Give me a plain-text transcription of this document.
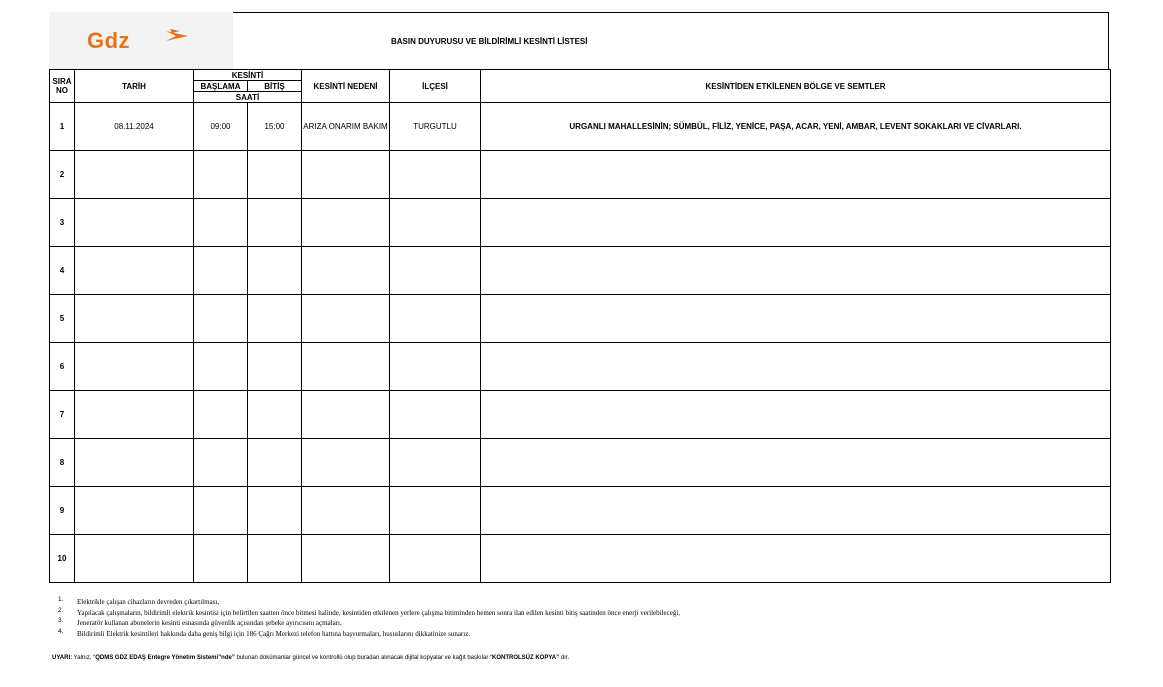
Gdz	BASIN DUYURUSU VE BİLDİRİMLİ KESİNTİ LİSTESİ
SIRA NO	TARİH	KESİNTİ		KESİNTİ NEDENİ	İLÇESİ	KESİNTİDEN ETKİLENEN BÖLGE VE SEMTLER
		BAŞLAMA	BİTİŞ			
		SAATİ				
1	08.11.2024	09:00	15:00	ARIZA ONARIM BAKIM	TURGUTLU	URGANLI MAHALLESİNİN; SÜMBÜL, FİLİZ, YENİCE, PAŞA, ACAR, YENİ, AMBAR, LEVENT SOKAKLARI VE CİVARLARI.
2						
3						
4						
5						
6						
7						
8						
9						
10						
1. Elektrikle çalışan cihazların devreden çıkartılması,
2. Yapılacak çalışmaların, bildirimli elektrik kesintisi için belirtilen saatten önce bitmesi halinde, kesintiden etkilenen yerlere çalışma bitiminden hemen sonra ilan edilen kesinti bitiş saatinden önce enerji verilebileceği,
3. Jeneratör kullanan abonelerin kesinti esnasında güvenlik açısından şebeke ayırıcısını açmaları,
4. Bildirimli Elektrik kesintileri hakkında daha geniş bilgi için 186 Çağrı Merkezi telefon hattına başvurmaları, hususlarını dikkatinize sunarız.
UYARI: Yalnız, “QDMS GDZ EDAŞ Entegre Yönetim Sistemi”nde” bulunan dokümanlar güncel ve kontrollü olup buradan alınacak dijital kopyalar ve kağıt baskılar “KONTROLSÜZ KOPYA” dır.
